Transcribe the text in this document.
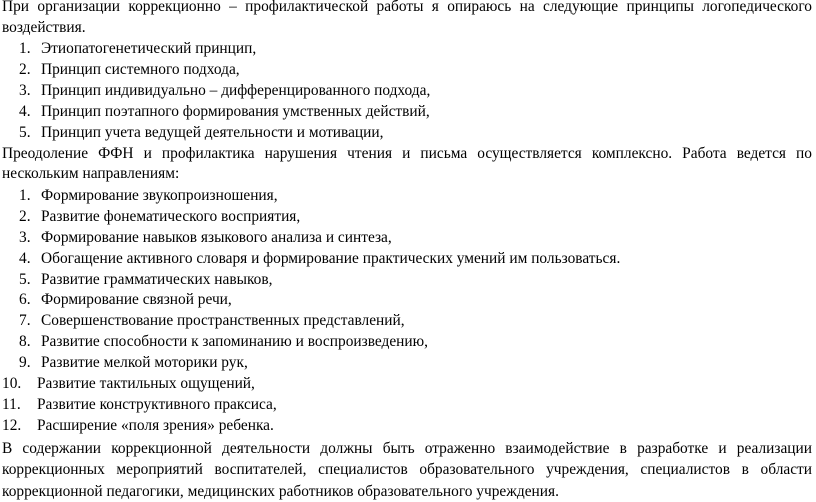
При организации коррекционно – профилактической работы я опираюсь на следующие принципы логопедического воздействия.

1. Этиопатогенетический принцип,
2. Принцип системного подхода,
3. Принцип индивидуально – дифференцированного подхода,
4. Принцип поэтапного формирования умственных действий,
5. Принцип учета ведущей деятельности и мотивации,

Преодоление ФФН и профилактика нарушения чтения и письма осуществляется комплексно. Работа ведется по нескольким направлениям:

1. Формирование звукопроизношения,
2. Развитие фонематического восприятия,
3. Формирование навыков языкового анализа и синтеза,
4. Обогащение активного словаря и формирование практических умений им пользоваться.
5. Развитие грамматических навыков,
6. Формирование связной речи,
7. Совершенствование пространственных представлений,
8. Развитие способности к запоминанию и воспроизведению,
9. Развитие мелкой моторики рук,
10. Развитие тактильных ощущений,
11. Развитие конструктивного праксиса,
12. Расширение «поля зрения» ребенка.

В содержании коррекционной деятельности должны быть отраженно взаимодействие в разработке и реализации коррекционных мероприятий воспитателей, специалистов образовательного учреждения, специалистов в области коррекционной педагогики, медицинских работников образовательного учреждения.
